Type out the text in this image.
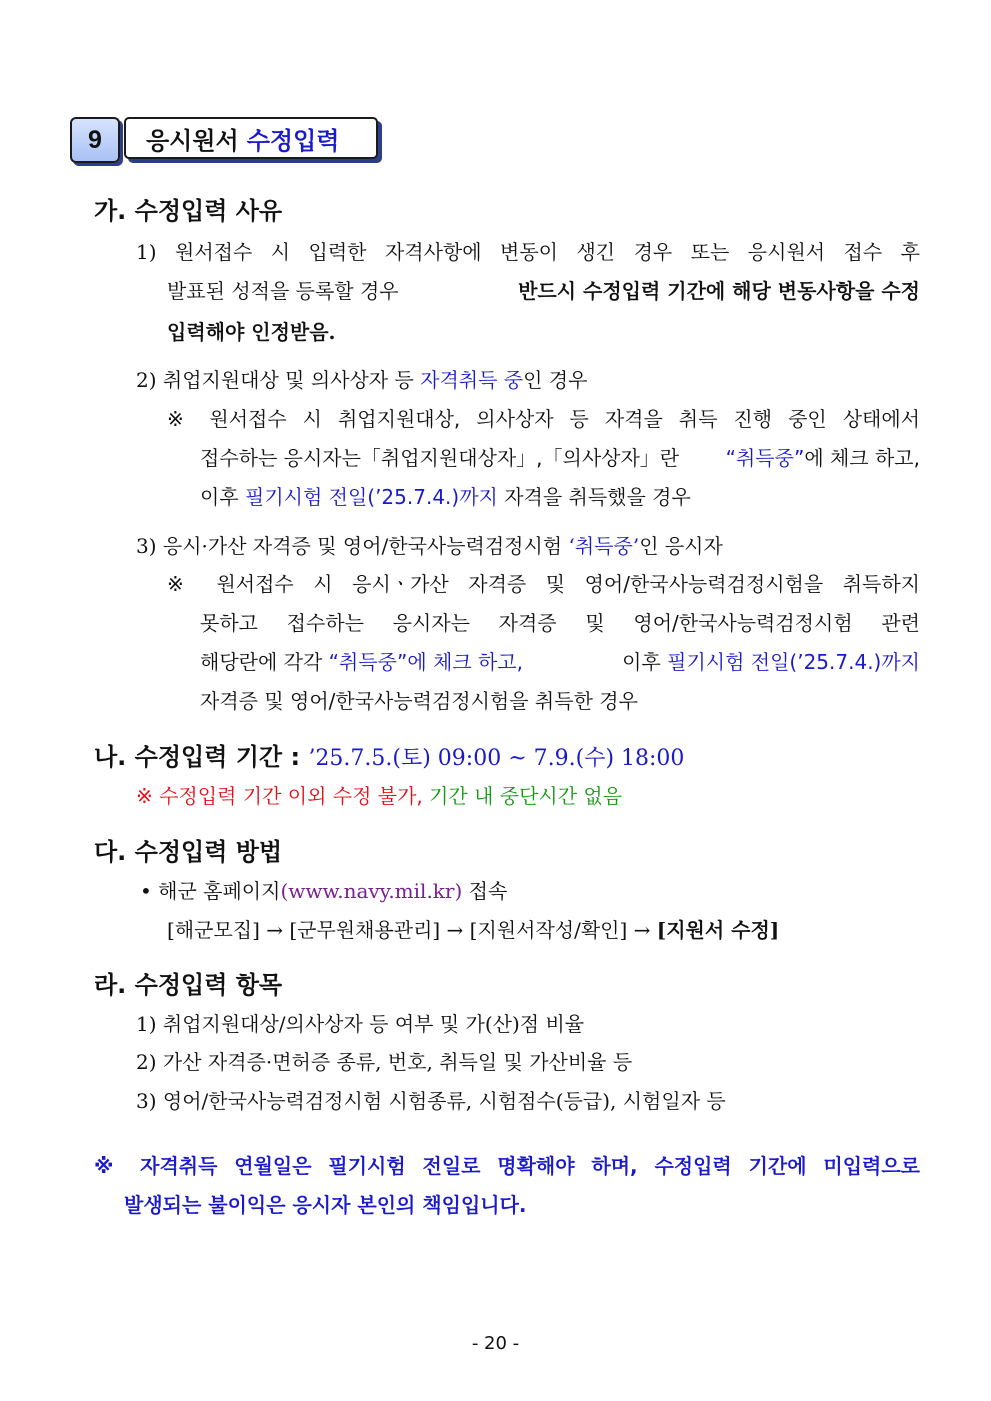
9	응시원서 수정입력
가. 수정입력 사유
1) 원서접수 시 입력한 자격사항에 변동이 생긴 경우 또는 응시원서 접수 후
발표된 성적을 등록할 경우	반드시 수정입력 기간에 해당 변동사항을 수정
입력해야 인정받음.
2) 취업지원대상 및 의사상자 등 자격취득 중인 경우
※ 원서접수 시 취업지원대상, 의사상자 등 자격을 취득 진행 중인 상태에서
접수하는 응시자는「취업지원대상자」,「의사상자」란 “취득중”에 체크 하고,
이후 필기시험 전일(’25.7.4.)까지 자격을 취득했을 경우
3) 응시·가산 자격증 및 영어/한국사능력검정시험 ‘취득중’인 응시자
※ 원서접수 시 응시ㆍ가산 자격증 및 영어/한국사능력검정시험을 취득하지
못하고 접수하는 응시자는 자격증 및 영어/한국사능력검정시험 관련
해당란에 각각 “취득중”에 체크 하고,	이후 필기시험 전일(’25.7.4.)까지
자격증 및 영어/한국사능력검정시험을 취득한 경우
나. 수정입력 기간 : ’25.7.5.(토) 09:00 ~ 7.9.(수) 18:00
※ 수정입력 기간 이외 수정 불가, 기간 내 중단시간 없음
다. 수정입력 방법
• 해군 홈페이지(www.navy.mil.kr) 접속
[해군모집] → [군무원채용관리] → [지원서작성/확인] → [지원서 수정]
라. 수정입력 항목
1) 취업지원대상/의사상자 등 여부 및 가(산)점 비율
2) 가산 자격증·면허증 종류, 번호, 취득일 및 가산비율 등
3) 영어/한국사능력검정시험 시험종류, 시험점수(등급), 시험일자 등
※ 자격취득 연월일은 필기시험 전일로 명확해야 하며, 수정입력 기간에 미입력으로
발생되는 불이익은 응시자 본인의 책임입니다.
- 20 -
